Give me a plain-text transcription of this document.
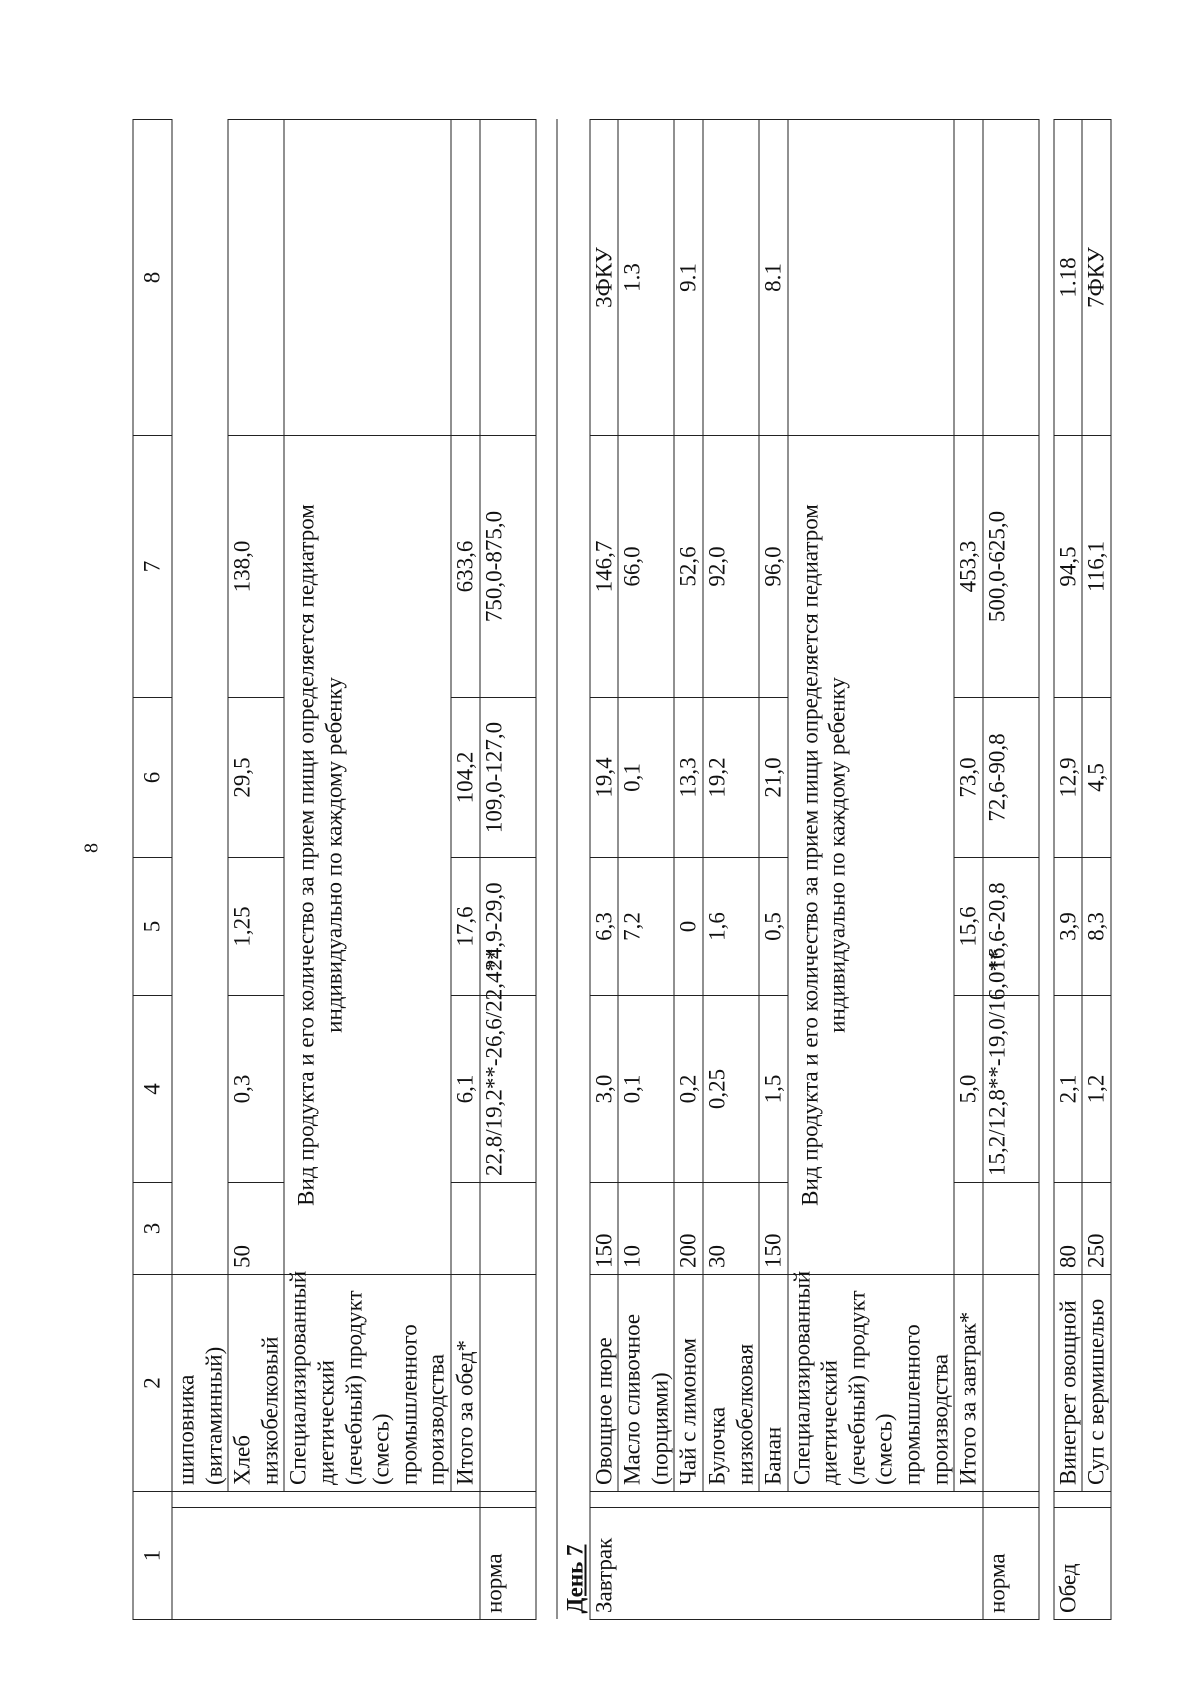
8
1		2	3	4	5	6	7	8
		шиповника (витаминный)						
		Хлеб низкобелковый	50	0,3	1,25	29,5	138,0	
		Специализированный диетический (лечебный) продукт (смесь) промышленного производства	Вид продукта и его количество за прием пищи определяется педиатром индивидуально по каждому ребенку					
		Итого за обед*		6,1	17,6	104,2	633,6	
норма				22,8/19,2**-26,6/22,4**	24,9-29,0	109,0-127,0	750,0-875,0	

День 7								
Завтрак		Овощное пюре	150	3,0	6,3	19,4	146,7	3ФКУ
		Масло сливочное (порциями)	10	0,1	7,2	0,1	66,0	1.3
		Чай с лимоном	200	0,2	0	13,3	52,6	9.1
		Булочка низкобелковая	30	0,25	1,6	19,2	92,0	
		Банан	150	1,5	0,5	21,0	96,0	8.1
		Специализированный диетический (лечебный) продукт (смесь) промышленного производства	Вид продукта и его количество за прием пищи определяется педиатром индивидуально по каждому ребенку					
		Итого за завтрак*		5,0	15,6	73,0	453,3	
норма				15,2/12,8**-19,0/16,0**	16,6-20,8	72,6-90,8	500,0-625,0	

Обед		Винегрет овощной	80	2,1	3,9	12,9	94,5	1.18
		Суп с вермишелью	250	1,2	8,3	4,5	116,1	7ФКУ
